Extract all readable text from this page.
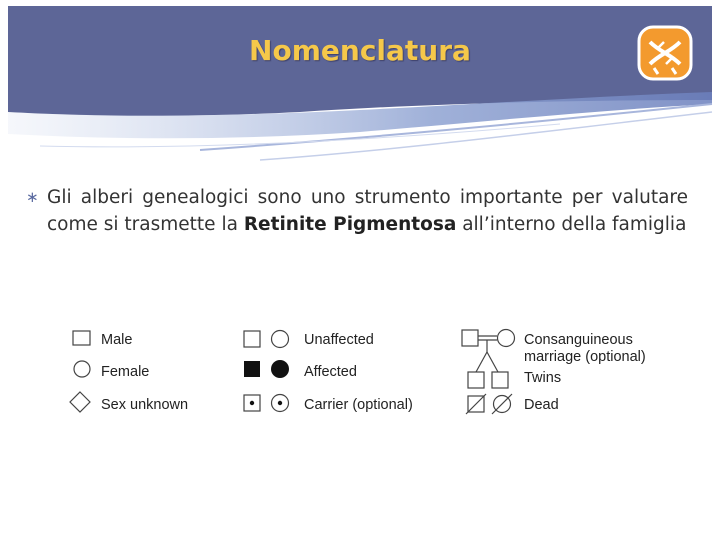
Nomenclatura
∗ Gli alberi genealogici sono uno strumento importante per valutare come si trasmette la Retinite Pigmentosa all’interno della famiglia
Male
Female
Sex unknown
Unaffected
Affected
Carrier (optional)
Consanguineous
marriage (optional)
Twins
Dead
